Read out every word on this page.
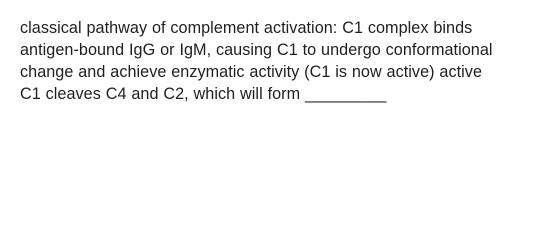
classical pathway of complement activation: C1 complex binds
antigen-bound IgG or IgM, causing C1 to undergo conformational
change and achieve enzymatic activity (C1 is now active) active
C1 cleaves C4 and C2, which will form _________
